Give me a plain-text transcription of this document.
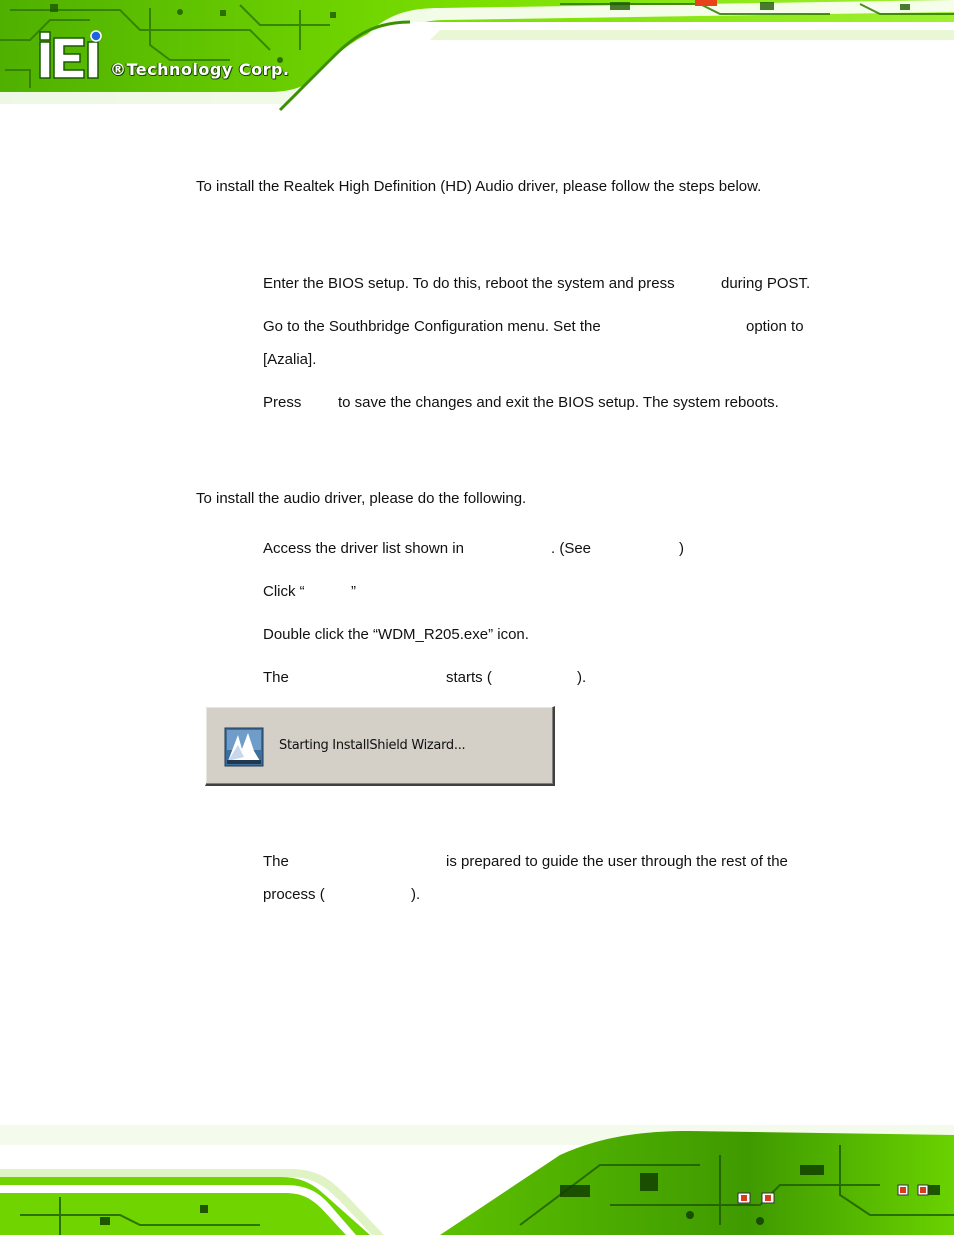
®Technology Corp.
To install the Realtek High Definition (HD) Audio driver, please follow the steps below.
Enter the BIOS setup. To do this, reboot the system and press	during POST.
Go to the Southbridge Configuration menu. Set the	option to
[Azalia].
Press to save the changes and exit the BIOS setup. The system reboots.
To install the audio driver, please do the following.
Access the driver list shown in	. (See	)
Click “	”
Double click the “WDM_R205.exe” icon.
The	starts (	).
Starting InstallShield Wizard...
The	is prepared to guide the user through the rest of the
process (	).
